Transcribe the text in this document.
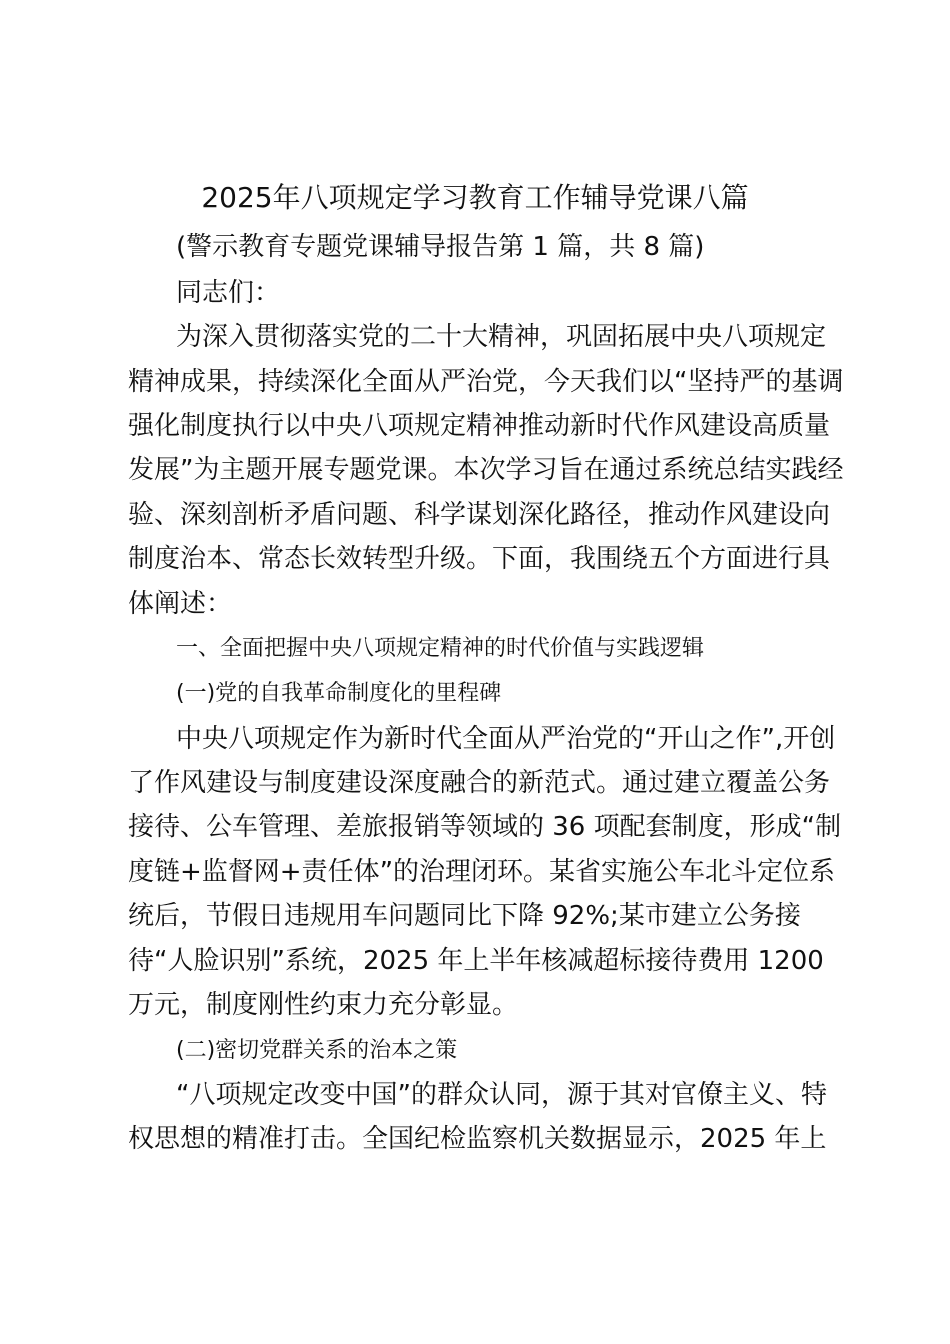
2025年八项规定学习教育工作辅导党课八篇
(警示教育专题党课辅导报告第 1 篇，共 8 篇)
同志们：
为深入贯彻落实党的二十大精神，巩固拓展中央八项规定
精神成果，持续深化全面从严治党，今天我们以“坚持严的基调
强化制度执行以中央八项规定精神推动新时代作风建设高质量
发展”为主题开展专题党课。本次学习旨在通过系统总结实践经
验、深刻剖析矛盾问题、科学谋划深化路径，推动作风建设向
制度治本、常态长效转型升级。下面，我围绕五个方面进行具
体阐述：
一、全面把握中央八项规定精神的时代价值与实践逻辑
(一)党的自我革命制度化的里程碑
中央八项规定作为新时代全面从严治党的“开山之作”,开创
了作风建设与制度建设深度融合的新范式。通过建立覆盖公务
接待、公车管理、差旅报销等领域的 36 项配套制度，形成“制
度链+监督网+责任体”的治理闭环。某省实施公车北斗定位系
统后，节假日违规用车问题同比下降 92%;某市建立公务接
待“人脸识别”系统，2025 年上半年核减超标接待费用 1200
万元，制度刚性约束力充分彰显。
(二)密切党群关系的治本之策
“八项规定改变中国”的群众认同，源于其对官僚主义、特
权思想的精准打击。全国纪检监察机关数据显示，2025 年上
